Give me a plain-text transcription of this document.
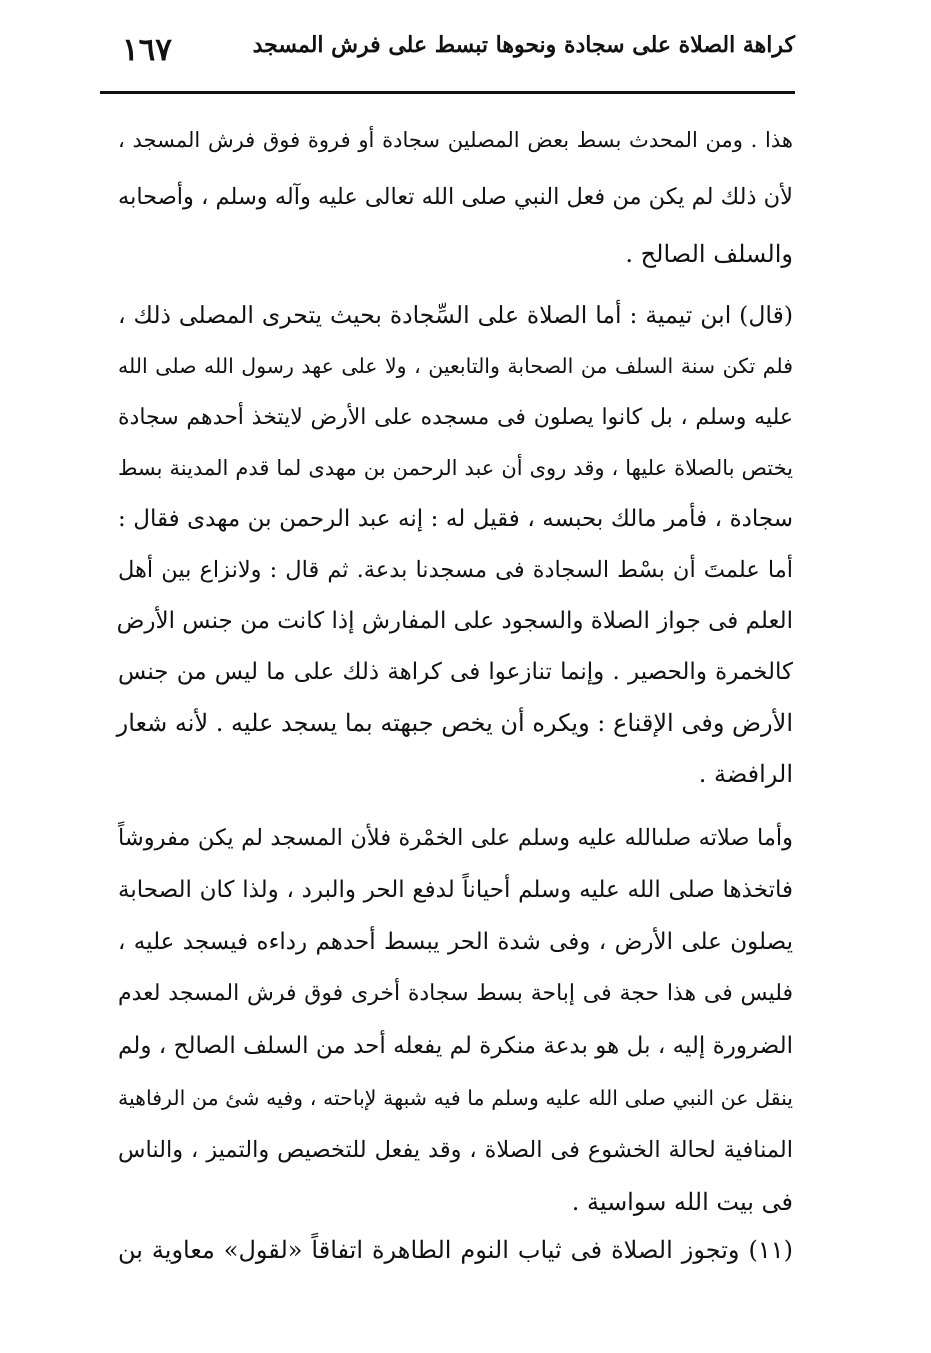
كراهة الصلاة على سجادة ونحوها تبسط على فرش المسجد
١٦٧
هذا . ومن المحدث بسط بعض المصلين سجادة أو فروة فوق فرش المسجد ،
لأن ذلك لم يكن من فعل النبي صلى الله تعالى عليه وآله وسلم ، وأصحابه
والسلف الصالح .
(قال) ابن تيمية : أما الصلاة على السِّجادة بحيث يتحرى المصلى ذلك ،
فلم تكن سنة السلف من الصحابة والتابعين ، ولا على عهد رسول الله صلى الله
عليه وسلم ، بل كانوا يصلون فى مسجده على الأرض لايتخذ أحدهم سجادة
يختص بالصلاة عليها ، وقد روى أن عبد الرحمن بن مهدى لما قدم المدينة بسط
سجادة ، فأمر مالك بحبسه ، فقيل له : إنه عبد الرحمن بن مهدى فقال :
أما علمتَ أن بسْط السجادة فى مسجدنا بدعة. ثم قال : ولانزاع بين أهل
العلم فى جواز الصلاة والسجود على المفارش إذا كانت من جنس الأرض
كالخمرة والحصير . وإنما تنازعوا فى كراهة ذلك على ما ليس من جنس
الأرض وفى الإقناع : ويكره أن يخص جبهته بما يسجد عليه . لأنه شعار
الرافضة .
وأما صلاته صلىالله عليه وسلم على الخمْرة فلأن المسجد لم يكن مفروشاً
فاتخذها صلى الله عليه وسلم أحياناً لدفع الحر والبرد ، ولذا كان الصحابة
يصلون على الأرض ، وفى شدة الحر يبسط أحدهم رداءه فيسجد عليه ،
فليس فى هذا حجة فى إباحة بسط سجادة أخرى فوق فرش المسجد لعدم
الضرورة إليه ، بل هو بدعة منكرة لم يفعله أحد من السلف الصالح ، ولم
ينقل عن النبي صلى الله عليه وسلم ما فيه شبهة لإباحته ، وفيه شئ من الرفاهية
المنافية لحالة الخشوع فى الصلاة ، وقد يفعل للتخصيص والتميز ، والناس
فى بيت الله سواسية .
(١١) وتجوز الصلاة فى ثياب النوم الطاهرة اتفاقاً «لقول» معاوية بن
